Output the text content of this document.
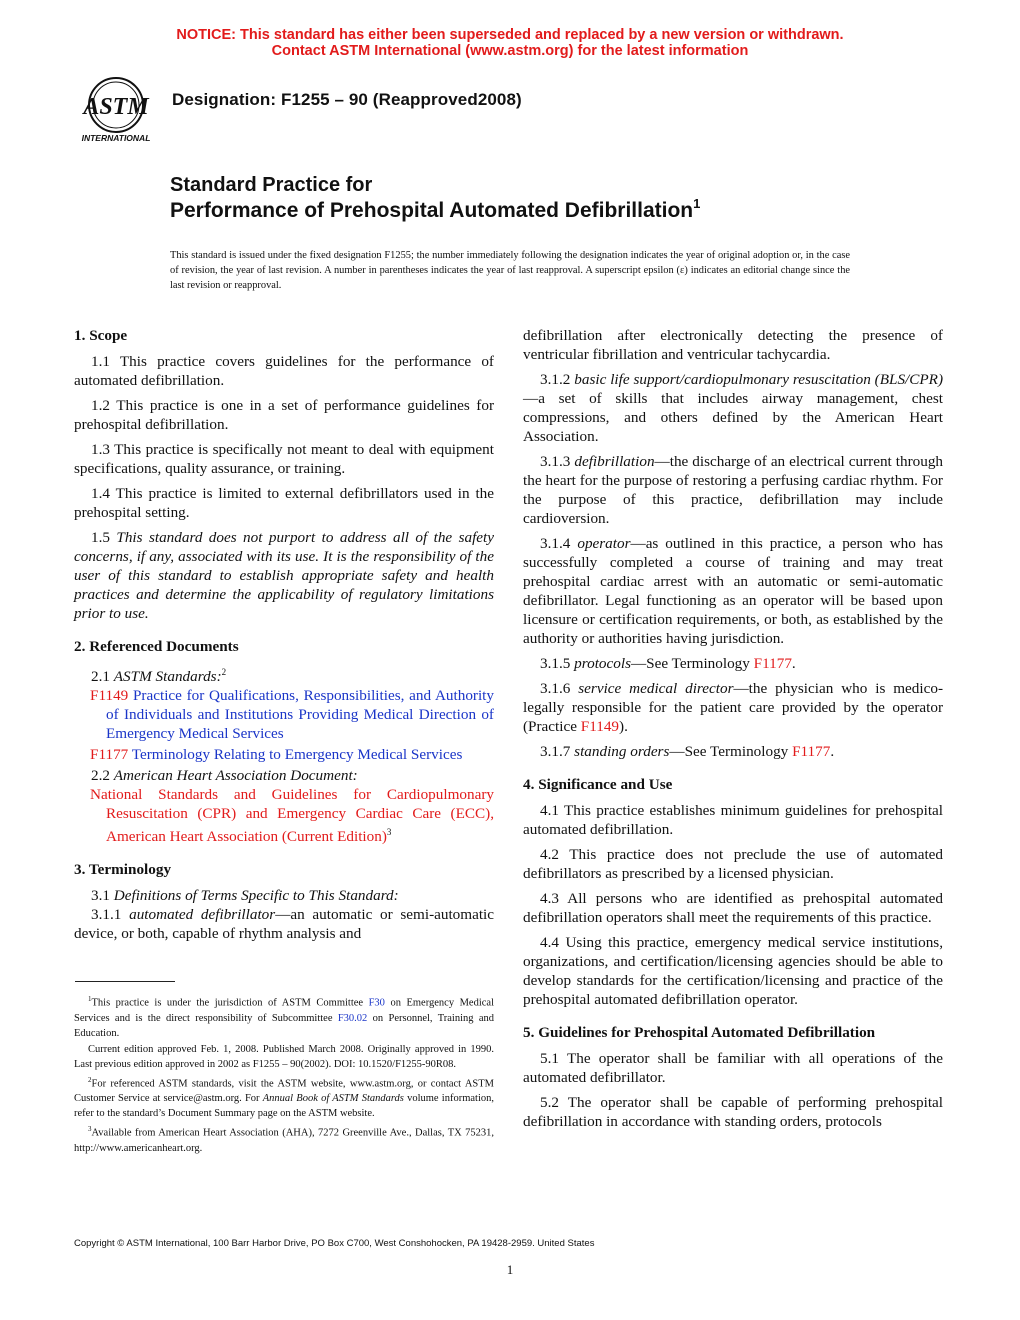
NOTICE: This standard has either been superseded and replaced by a new version or withdrawn.
Contact ASTM International (www.astm.org) for the latest information
ASTM
INTERNATIONAL
Designation: F1255 – 90 (Reapproved2008)
Standard Practice for
Performance of Prehospital Automated Defibrillation$^1$
This standard is issued under the fixed designation F1255; the number immediately following the designation indicates the year of original adoption or, in the case of revision, the year of last revision. A number in parentheses indicates the year of last reapproval. A superscript epsilon (ε) indicates an editorial change since the last revision or reapproval.
1. Scope

1.1 This practice covers guidelines for the performance of automated defibrillation.

1.2 This practice is one in a set of performance guidelines for prehospital defibrillation.

1.3 This practice is specifically not meant to deal with equipment specifications, quality assurance, or training.

1.4 This practice is limited to external defibrillators used in the prehospital setting.

1.5 This standard does not purport to address all of the safety concerns, if any, associated with its use. It is the responsibility of the user of this standard to establish appropriate safety and health practices and determine the applicability of regulatory limitations prior to use.

2. Referenced Documents

2.1 ASTM Standards:$^2$

F1149 Practice for Qualifications, Responsibilities, and Authority of Individuals and Institutions Providing Medical Direction of Emergency Medical Services
F1177 Terminology Relating to Emergency Medical Services

2.2 American Heart Association Document:

National Standards and Guidelines for Cardiopulmonary Resuscitation (CPR) and Emergency Cardiac Care (ECC), American Heart Association (Current Edition)$^3$
3. Terminology

3.1 Definitions of Terms Specific to This Standard:

3.1.1 automated defibrillator—an automatic or semi-automatic device, or both, capable of rhythm analysis and

$^1$This practice is under the jurisdiction of ASTM Committee F30 on Emergency Medical Services and is the direct responsibility of Subcommittee F30.02 on Personnel, Training and Education.

Current edition approved Feb. 1, 2008. Published March 2008. Originally approved in 1990. Last previous edition approved in 2002 as F1255 – 90(2002). DOI: 10.1520/F1255-90R08.

$^2$For referenced ASTM standards, visit the ASTM website, www.astm.org, or contact ASTM Customer Service at service@astm.org. For Annual Book of ASTM Standards volume information, refer to the standard’s Document Summary page on the ASTM website.

$^3$Available from American Heart Association (AHA), 7272 Greenville Ave., Dallas, TX 75231, http://www.americanheart.org.

defibrillation after electronically detecting the presence of ventricular fibrillation and ventricular tachycardia.

3.1.2 basic life support/cardiopulmonary resuscitation (BLS/CPR)—a set of skills that includes airway management, chest compressions, and others defined by the American Heart Association.

3.1.3 defibrillation—the discharge of an electrical current through the heart for the purpose of restoring a perfusing cardiac rhythm. For the purpose of this practice, defibrillation may include cardioversion.

3.1.4 operator—as outlined in this practice, a person who has successfully completed a course of training and may treat prehospital cardiac arrest with an automatic or semi-automatic defibrillator. Legal functioning as an operator will be based upon licensure or certification requirements, or both, as established by the authority or authorities having jurisdiction.

3.1.5 protocols—See Terminology F1177.

3.1.6 service medical director—the physician who is medico-legally responsible for the patient care provided by the operator (Practice F1149).

3.1.7 standing orders—See Terminology F1177.

4. Significance and Use

4.1 This practice establishes minimum guidelines for prehospital automated defibrillation.

4.2 This practice does not preclude the use of automated defibrillators as prescribed by a licensed physician.

4.3 All persons who are identified as prehospital automated defibrillation operators shall meet the requirements of this practice.

4.4 Using this practice, emergency medical service institutions, organizations, and certification/licensing agencies should be able to develop standards for the certification/licensing and practice of the prehospital automated defibrillation operator.

5. Guidelines for Prehospital Automated Defibrillation

5.1 The operator shall be familiar with all operations of the automated defibrillator.

5.2 The operator shall be capable of performing prehospital defibrillation in accordance with standing orders, protocols

Copyright © ASTM International, 100 Barr Harbor Drive, PO Box C700, West Conshohocken, PA 19428-2959. United States
1
